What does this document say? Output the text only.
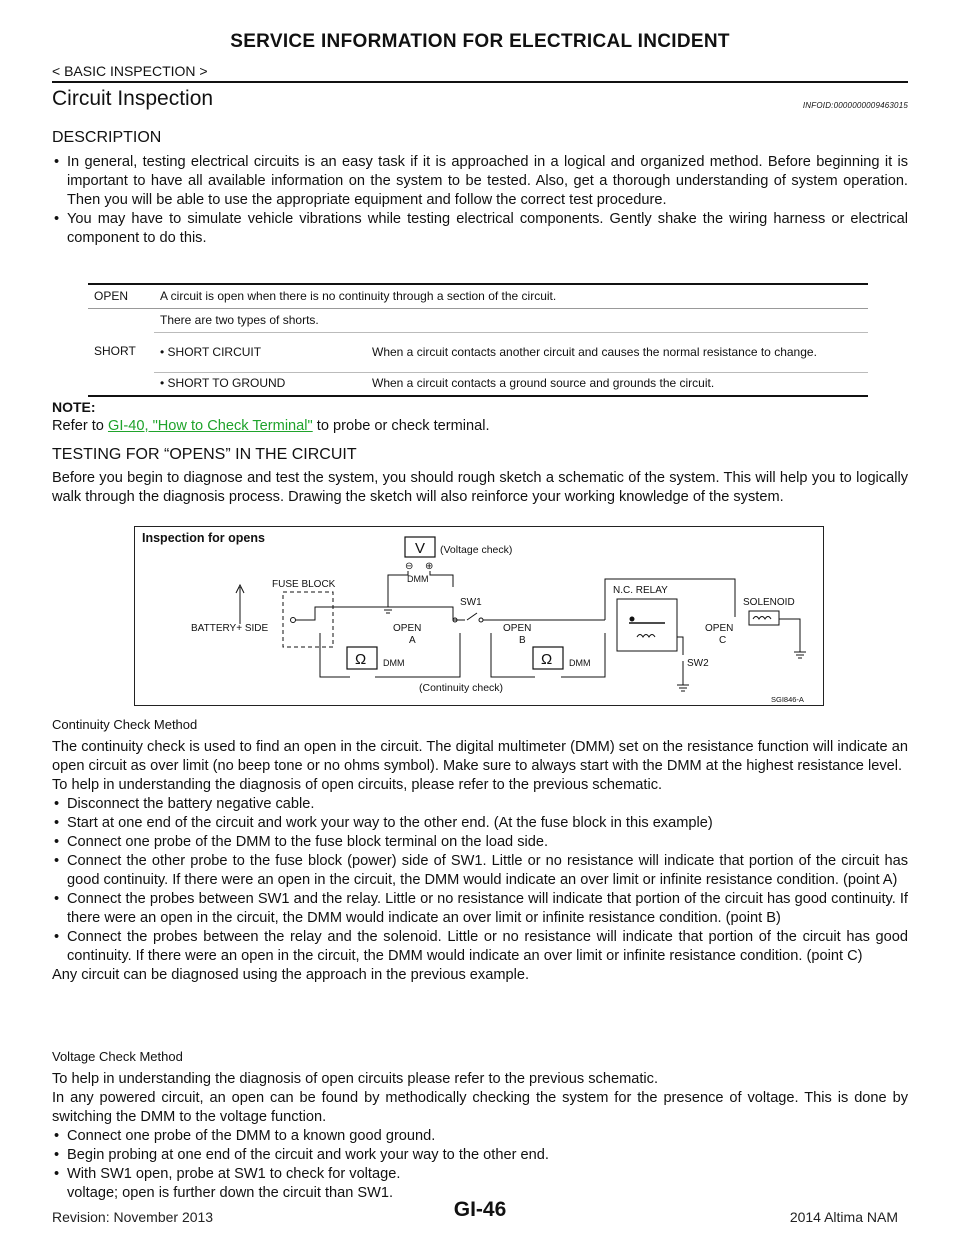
SERVICE INFORMATION FOR ELECTRICAL INCIDENT
< BASIC INSPECTION >
Circuit Inspection	INFOID:0000000009463015
DESCRIPTION
• In general, testing electrical circuits is an easy task if it is approached in a logical and organized method. Before beginning it is important to have all available information on the system to be tested. Also, get a thorough understanding of system operation. Then you will be able to use the appropriate equipment and follow the correct test procedure.
• You may have to simulate vehicle vibrations while testing electrical components. Gently shake the wiring harness or electrical component to do this.
OPEN	A circuit is open when there is no continuity through a section of the circuit.	
SHORT	There are two types of shorts.	
	• SHORT CIRCUIT	When a circuit contacts another circuit and causes the normal resistance to change.
	• SHORT TO GROUND	When a circuit contacts a ground source and grounds the circuit.
NOTE:
Refer to GI-40, "How to Check Terminal" to probe or check terminal.
TESTING FOR “OPENS” IN THE CIRCUIT
Before you begin to diagnose and test the system, you should rough sketch a schematic of the system. This will help you to logically walk through the diagnosis process. Drawing the sketch will also reinforce your working knowledge of the system.
Inspection for opens
V (Voltage check)
⊖ ⊕
DMM
BATTERY+ SIDE
FUSE BLOCK
SW1
N.C. RELAY
SW2
SOLENOID
OPEN
A
OPEN
B
OPEN
C
Ω DMM	Ω DMM
(Continuity check)
SGI846-A
Continuity Check Method
The continuity check is used to find an open in the circuit. The digital multimeter (DMM) set on the resistance function will indicate an open circuit as over limit (no beep tone or no ohms symbol). Make sure to always start with the DMM at the highest resistance level.
To help in understanding the diagnosis of open circuits, please refer to the previous schematic.
• Disconnect the battery negative cable.
• Start at one end of the circuit and work your way to the other end. (At the fuse block in this example)
• Connect one probe of the DMM to the fuse block terminal on the load side.
• Connect the other probe to the fuse block (power) side of SW1. Little or no resistance will indicate that portion of the circuit has good continuity. If there were an open in the circuit, the DMM would indicate an over limit or infinite resistance condition. (point A)
• Connect the probes between SW1 and the relay. Little or no resistance will indicate that portion of the circuit has good continuity. If there were an open in the circuit, the DMM would indicate an over limit or infinite resistance condition. (point B)
• Connect the probes between the relay and the solenoid. Little or no resistance will indicate that portion of the circuit has good continuity. If there were an open in the circuit, the DMM would indicate an over limit or infinite resistance condition. (point C)
Any circuit can be diagnosed using the approach in the previous example.
Voltage Check Method
To help in understanding the diagnosis of open circuits please refer to the previous schematic.
In any powered circuit, an open can be found by methodically checking the system for the presence of voltage. This is done by switching the DMM to the voltage function.
• Connect one probe of the DMM to a known good ground.
• Begin probing at one end of the circuit and work your way to the other end.
• With SW1 open, probe at SW1 to check for voltage.
voltage; open is further down the circuit than SW1.
Revision: November 2013	GI-46	2014 Altima NAM
